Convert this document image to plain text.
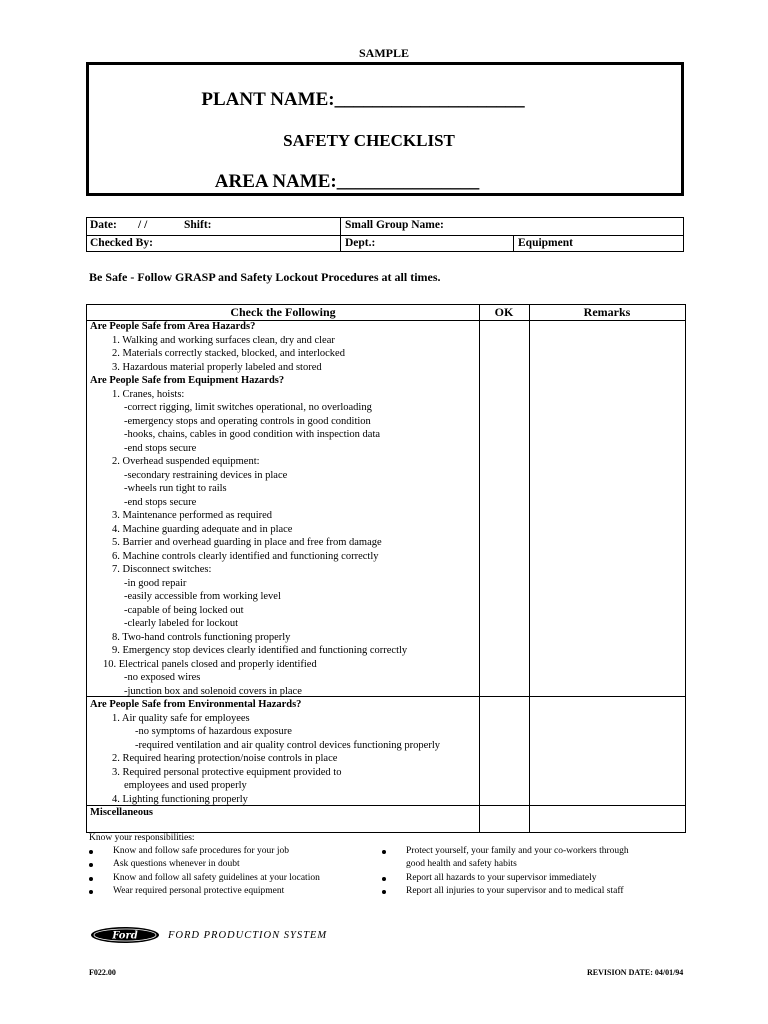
SAMPLE
PLANT NAME:____________________
SAFETY CHECKLIST
AREA NAME:_______________
Date: / /	Shift:	Small Group Name:
Checked By:	Dept.:	Equipment
Be Safe - Follow GRASP and Safety Lockout Procedures at all times.
Check the Following	OK	Remarks
Are People Safe from Area Hazards?
1. Walking and working surfaces clean, dry and clear
2. Materials correctly stacked, blocked, and interlocked
3. Hazardous material properly labeled and stored
Are People Safe from Equipment Hazards?
1. Cranes, hoists:
-correct rigging, limit switches operational, no overloading
-emergency stops and operating controls in good condition
-hooks, chains, cables in good condition with inspection data
-end stops secure
2. Overhead suspended equipment:
-secondary restraining devices in place
-wheels run tight to rails
-end stops secure
3. Maintenance performed as required
4. Machine guarding adequate and in place
5. Barrier and overhead guarding in place and free from damage
6. Machine controls clearly identified and functioning correctly
7. Disconnect switches:
-in good repair
-easily accessible from working level
-capable of being locked out
-clearly labeled for lockout
8. Two-hand controls functioning properly
9. Emergency stop devices clearly identified and functioning correctly
10. Electrical panels closed and properly identified
-no exposed wires
-junction box and solenoid covers in place
Are People Safe from Environmental Hazards?
1. Air quality safe for employees
-no symptoms of hazardous exposure
-required ventilation and air quality control devices functioning properly
2. Required hearing protection/noise controls in place
3. Required personal protective equipment provided to
employees and used properly
4. Lighting functioning properly
Miscellaneous
Know your responsibilities:
Know and follow safe procedures for your job
Ask questions whenever in doubt
Know and follow all safety guidelines at your location
Wear required personal protective equipment
Protect yourself, your family and your co-workers through
good health and safety habits
Report all hazards to your supervisor immediately
Report all injuries to your supervisor and to medical staff
Ford	FORD PRODUCTION SYSTEM
F022.00	REVISION DATE: 04/01/94
